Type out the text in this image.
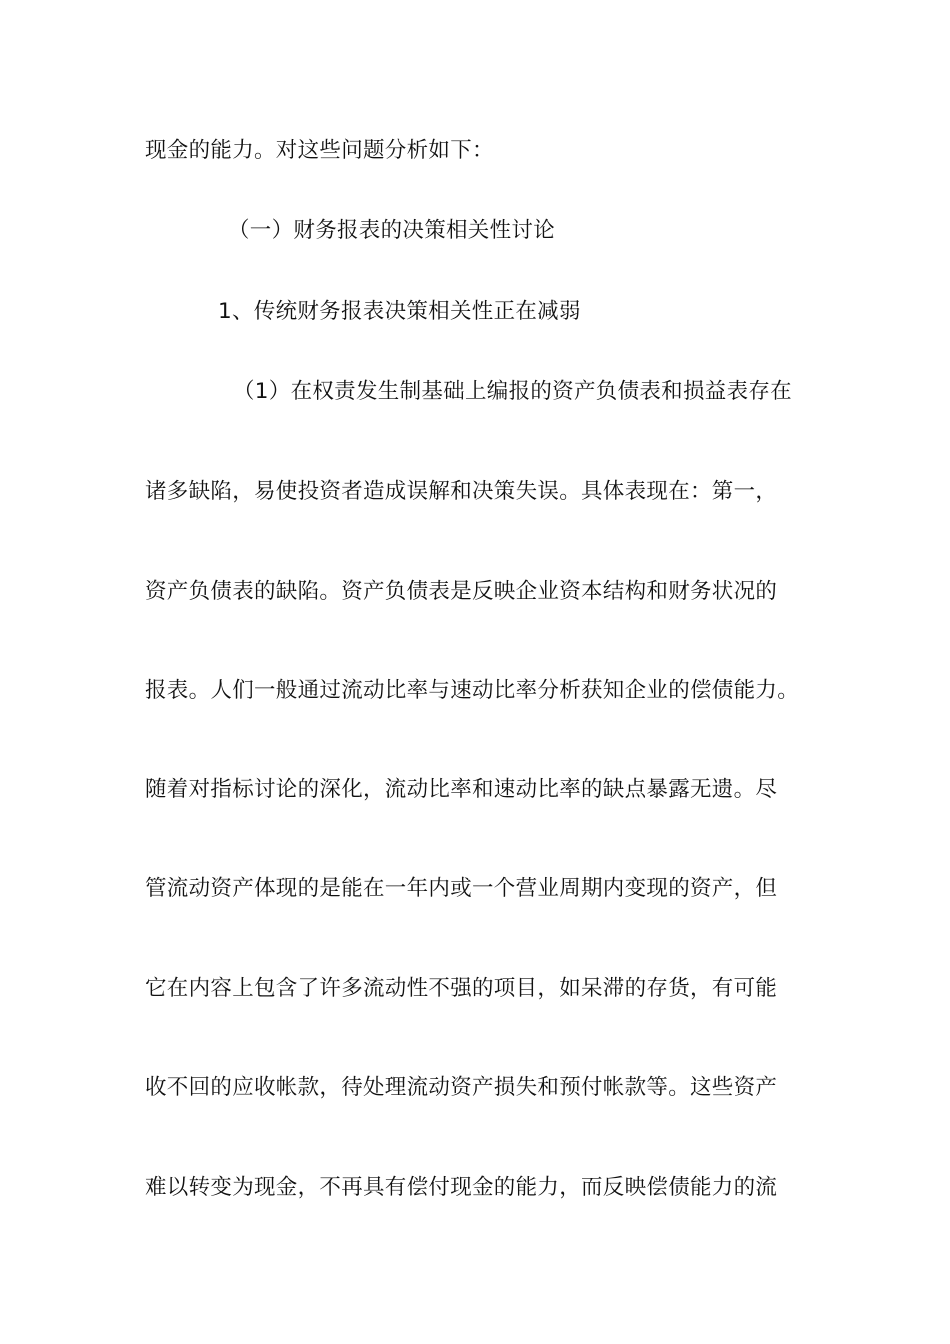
现金的能力。对这些问题分析如下：
（一）财务报表的决策相关性讨论
1、传统财务报表决策相关性正在减弱
（1）在权责发生制基础上编报的资产负债表和损益表存在
诸多缺陷，易使投资者造成误解和决策失误。具体表现在：第一，
资产负债表的缺陷。资产负债表是反映企业资本结构和财务状况的
报表。人们一般通过流动比率与速动比率分析获知企业的偿债能力。
随着对指标讨论的深化，流动比率和速动比率的缺点暴露无遗。尽
管流动资产体现的是能在一年内或一个营业周期内变现的资产，但
它在内容上包含了许多流动性不强的项目，如呆滞的存货，有可能
收不回的应收帐款，待处理流动资产损失和预付帐款等。这些资产
难以转变为现金，不再具有偿付现金的能力，而反映偿债能力的流
